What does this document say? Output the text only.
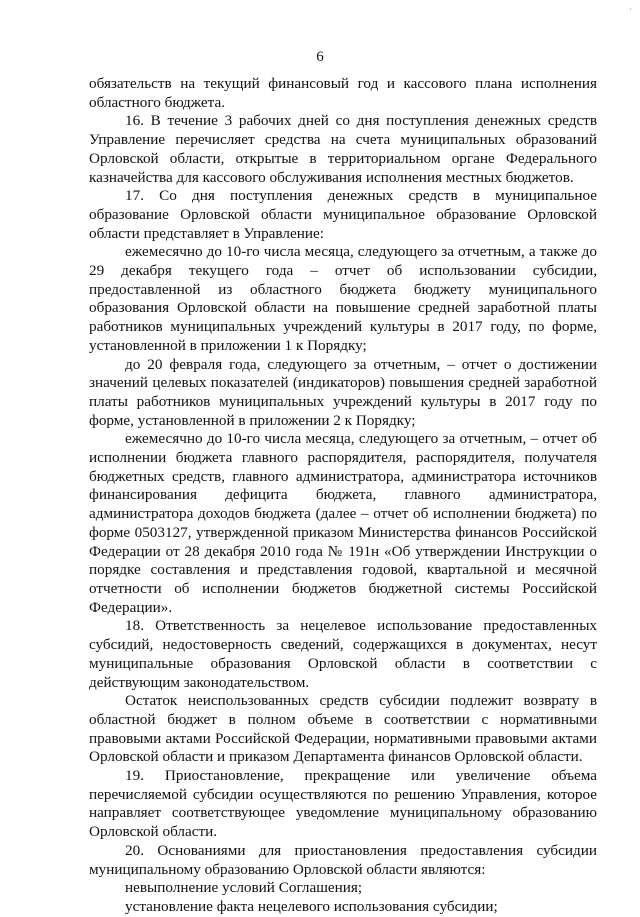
·
6

обязательств на текущий финансовый год и кассового плана исполнения областного бюджета.

16. В течение 3 рабочих дней со дня поступления денежных средств Управление перечисляет средства на счета муниципальных образований Орловской области, открытые в территориальном органе Федерального казначейства для кассового обслуживания исполнения местных бюджетов.

17. Со дня поступления денежных средств в муниципальное образование Орловской области муниципальное образование Орловской области представляет в Управление:

ежемесячно до 10-го числа месяца, следующего за отчетным, а также до 29 декабря текущего года – отчет об использовании субсидии, предоставленной из областного бюджета бюджету муниципального образования Орловской области на повышение средней заработной платы работников муниципальных учреждений культуры в 2017 году, по форме, установленной в приложении 1 к Порядку;

до 20 февраля года, следующего за отчетным, – отчет о достижении значений целевых показателей (индикаторов) повышения средней заработной платы работников муниципальных учреждений культуры в 2017 году по форме, установленной в приложении 2 к Порядку;

ежемесячно до 10-го числа месяца, следующего за отчетным, – отчет об исполнении бюджета главного распорядителя, распорядителя, получателя бюджетных средств, главного администратора, администратора источников финансирования дефицита бюджета, главного администратора, администратора доходов бюджета (далее – отчет об исполнении бюджета) по форме 0503127, утвержденной приказом Министерства финансов Российской Федерации от 28 декабря 2010 года № 191н «Об утверждении Инструкции о порядке составления и представления годовой, квартальной и месячной отчетности об исполнении бюджетов бюджетной системы Российской Федерации».

18. Ответственность за нецелевое использование предоставленных субсидий, недостоверность сведений, содержащихся в документах, несут муниципальные образования Орловской области в соответствии с действующим законодательством.

Остаток неиспользованных средств субсидии подлежит возврату в областной бюджет в полном объеме в соответствии с нормативными правовыми актами Российской Федерации, нормативными правовыми актами Орловской области и приказом Департамента финансов Орловской области.

19. Приостановление, прекращение или увеличение объема перечисляемой субсидии осуществляются по решению Управления, которое направляет соответствующее уведомление муниципальному образованию Орловской области.

20. Основаниями для приостановления предоставления субсидии муниципальному образованию Орловской области являются:

невыполнение условий Соглашения;

установление факта нецелевого использования субсидии;
